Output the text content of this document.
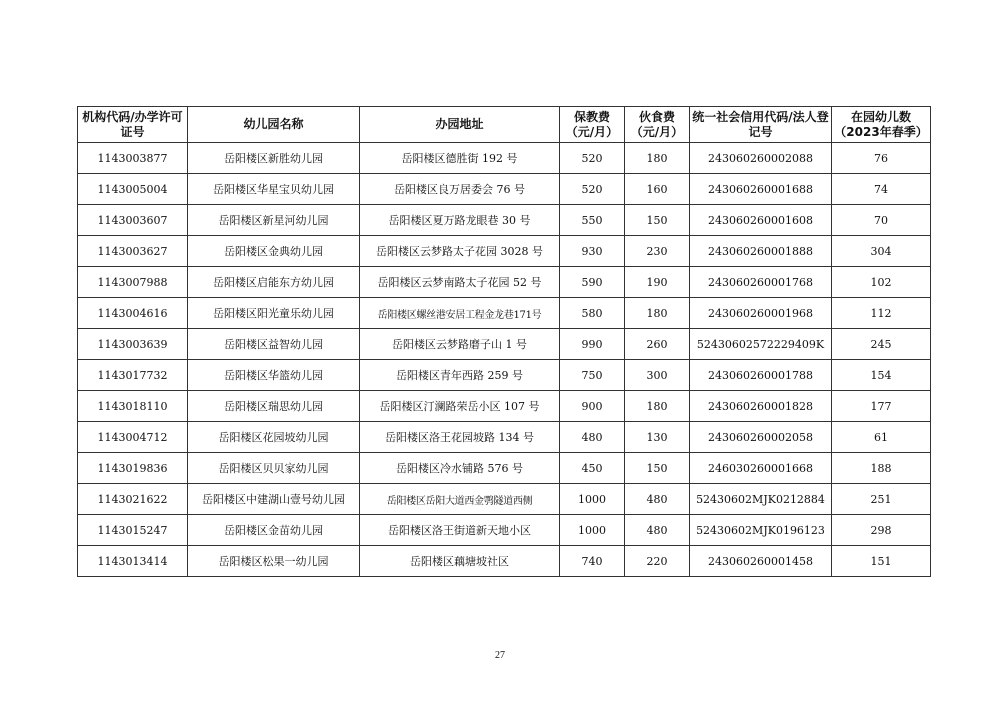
机构代码/办学许可证号	幼儿园名称	办园地址	保教费（元/月）	伙食费（元/月）	统一社会信用代码/法人登记号	在园幼儿数（2023年春季）
1143003877	岳阳楼区新胜幼儿园	岳阳楼区德胜街 192 号	520	180	243060260002088	76
1143005004	岳阳楼区华星宝贝幼儿园	岳阳楼区良万居委会 76 号	520	160	243060260001688	74
1143003607	岳阳楼区新星河幼儿园	岳阳楼区夏万路龙眼巷 30 号	550	150	243060260001608	70
1143003627	岳阳楼区金典幼儿园	岳阳楼区云梦路太子花园 3028 号	930	230	243060260001888	304
1143007988	岳阳楼区启能东方幼儿园	岳阳楼区云梦南路太子花园 52 号	590	190	243060260001768	102
1143004616	岳阳楼区阳光童乐幼儿园	岳阳楼区螺丝港安居工程金龙巷171号	580	180	243060260001968	112
1143003639	岳阳楼区益智幼儿园	岳阳楼区云梦路磨子山 1 号	990	260	52430602572229409K	245
1143017732	岳阳楼区华篮幼儿园	岳阳楼区青年西路 259 号	750	300	243060260001788	154
1143018110	岳阳楼区瑞思幼儿园	岳阳楼区汀澜路荣岳小区 107 号	900	180	243060260001828	177
1143004712	岳阳楼区花园坡幼儿园	岳阳楼区洛王花园坡路 134 号	480	130	243060260002058	61
1143019836	岳阳楼区贝贝家幼儿园	岳阳楼区冷水铺路 576 号	450	150	246030260001668	188
1143021622	岳阳楼区中建湖山壹号幼儿园	岳阳楼区岳阳大道西金鹗隧道西侧	1000	480	52430602MJK0212884	251
1143015247	岳阳楼区金苗幼儿园	岳阳楼区洛王街道新天地小区	1000	480	52430602MJK0196123	298
1143013414	岳阳楼区松果一幼儿园	岳阳楼区藕塘坡社区	740	220	243060260001458	151
27
